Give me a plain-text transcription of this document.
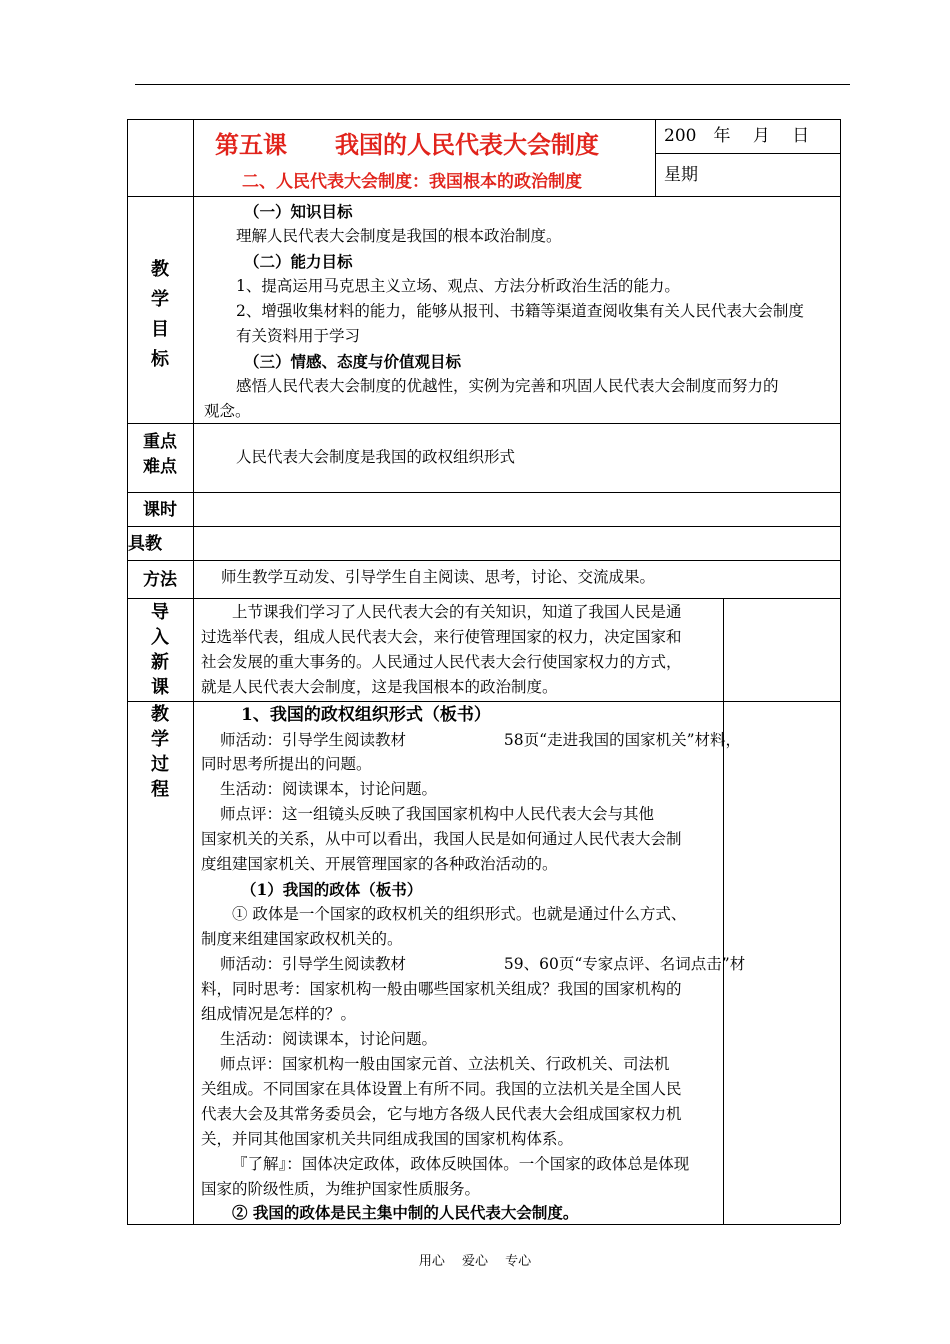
第五课　　我国的人民代表大会制度
二、人民代表大会制度：我国根本的政治制度
200　年　 月　 日
星期
教
学
目
标
（一）知识目标
理解人民代表大会制度是我国的根本政治制度。
（二）能力目标
1、提高运用马克思主义立场、观点、方法分析政治生活的能力。
2、增强收集材料的能力，能够从报刊、书籍等渠道查阅收集有关人民代表大会制度
有关资料用于学习
（三）情感、态度与价值观目标
感悟人民代表大会制度的优越性，实例为完善和巩固人民代表大会制度而努力的
观念。
重点
难点	人民代表大会制度是我国的政权组织形式
课时
具教
方法	师生教学互动发、引导学生自主阅读、思考，讨论、交流成果。
导
入
新
课
上节课我们学习了人民代表大会的有关知识，知道了我国人民是通
过选举代表，组成人民代表大会，来行使管理国家的权力，决定国家和
社会发展的重大事务的。人民通过人民代表大会行使国家权力的方式，
就是人民代表大会制度，这是我国根本的政治制度。
教
学
过
程
1、我国的政权组织形式（板书）
师活动：引导学生阅读教材　　　　　　 58页“走进我国的国家机关”材料，
同时思考所提出的问题。
生活动：阅读课本，讨论问题。
师点评：这一组镜头反映了我国国家机构中人民代表大会与其他
国家机关的关系，从中可以看出，我国人民是如何通过人民代表大会制
度组建国家机关、开展管理国家的各种政治活动的。
（1）我国的政体（板书）
① 政体是一个国家的政权机关的组织形式。也就是通过什么方式、
制度来组建国家政权机关的。
师活动：引导学生阅读教材　　　　　　 59、60页“专家点评、名词点击”材
料，同时思考：国家机构一般由哪些国家机关组成？我国的国家机构的
组成情况是怎样的？。
生活动：阅读课本，讨论问题。
师点评：国家机构一般由国家元首、立法机关、行政机关、司法机
关组成。不同国家在具体设置上有所不同。我国的立法机关是全国人民
代表大会及其常务委员会，它与地方各级人民代表大会组成国家权力机
关，并同其他国家机关共同组成我国的国家机构体系。
『了解』：国体决定政体，政体反映国体。一个国家的政体总是体现
国家的阶级性质，为维护国家性质服务。
② 我国的政体是民主集中制的人民代表大会制度。
用心　 爱心　 专心
